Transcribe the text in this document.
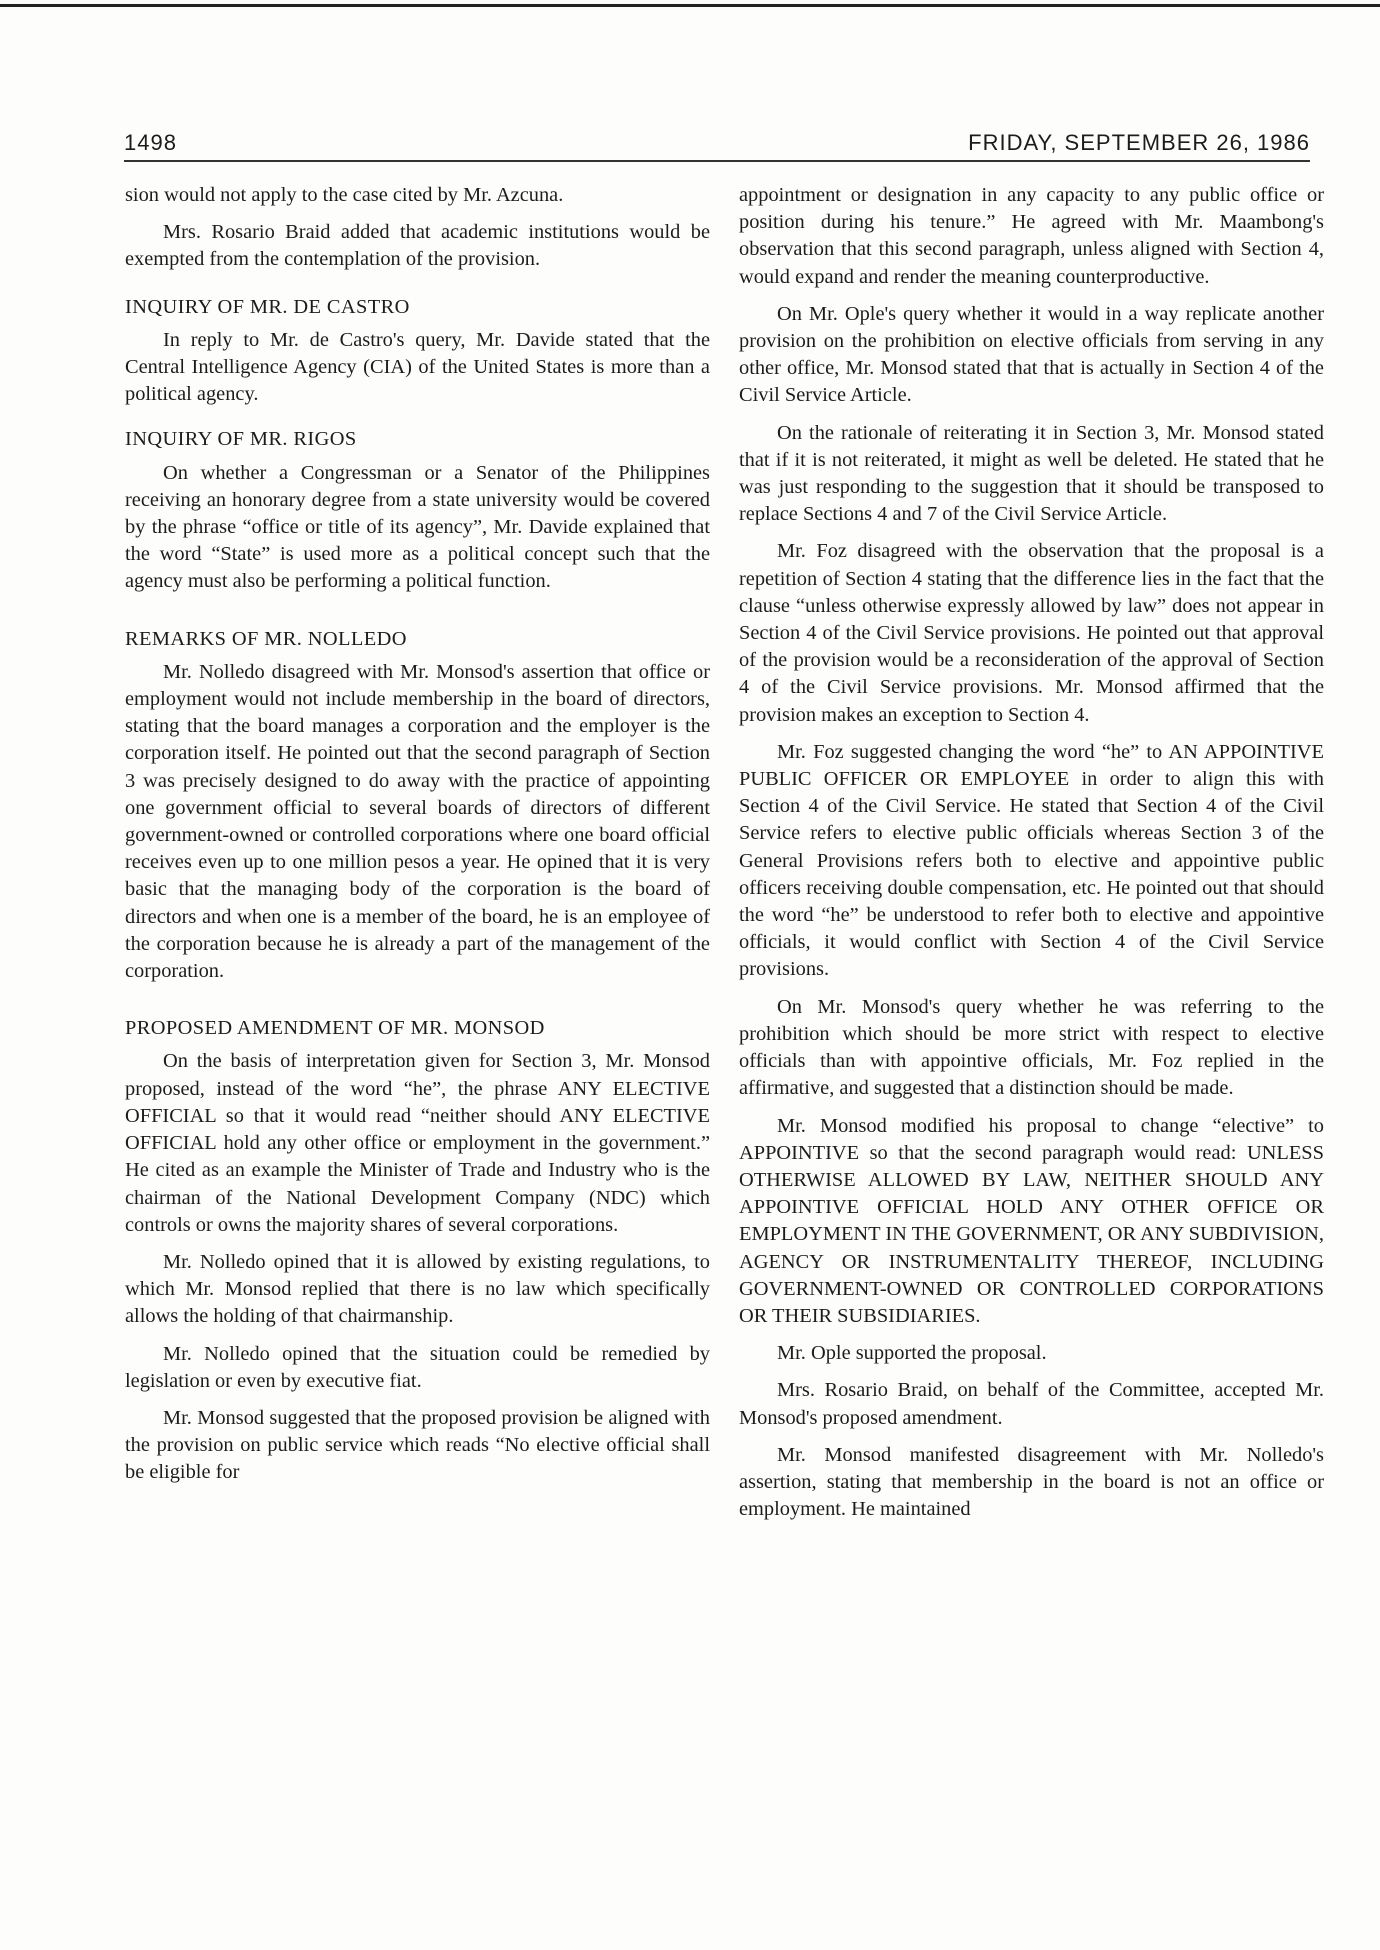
1498	FRIDAY, SEPTEMBER 26, 1986

sion would not apply to the case cited by Mr. Azcuna.

Mrs. Rosario Braid added that academic institutions would be exempted from the contemplation of the provision.

INQUIRY OF MR. DE CASTRO

In reply to Mr. de Castro's query, Mr. Davide stated that the Central Intelligence Agency (CIA) of the United States is more than a political agency.

INQUIRY OF MR. RIGOS

On whether a Congressman or a Senator of the Philippines receiving an honorary degree from a state university would be covered by the phrase “office or title of its agency”, Mr. Davide explained that the word “State” is used more as a political concept such that the agency must also be performing a political function.

REMARKS OF MR. NOLLEDO

Mr. Nolledo disagreed with Mr. Monsod's assertion that office or employment would not include membership in the board of directors, stating that the board manages a corporation and the employer is the corporation itself. He pointed out that the second paragraph of Section 3 was precisely designed to do away with the practice of appointing one government official to several boards of directors of different government-owned or controlled corporations where one board official receives even up to one million pesos a year. He opined that it is very basic that the managing body of the corporation is the board of directors and when one is a member of the board, he is an employee of the corporation because he is already a part of the management of the corporation.

PROPOSED AMENDMENT OF MR. MONSOD

On the basis of interpretation given for Section 3, Mr. Monsod proposed, instead of the word “he”, the phrase ANY ELECTIVE OFFICIAL so that it would read “neither should ANY ELECTIVE OFFICIAL hold any other office or employment in the government.” He cited as an example the Minister of Trade and Industry who is the chairman of the National Development Company (NDC) which controls or owns the majority shares of several corporations.

Mr. Nolledo opined that it is allowed by existing regulations, to which Mr. Monsod replied that there is no law which specifically allows the holding of that chairmanship.

Mr. Nolledo opined that the situation could be remedied by legislation or even by executive fiat.

Mr. Monsod suggested that the proposed provision be aligned with the provision on public service which reads “No elective official shall be eligible for

appointment or designation in any capacity to any public office or position during his tenure.” He agreed with Mr. Maambong's observation that this second paragraph, unless aligned with Section 4, would expand and render the meaning counterproductive.

On Mr. Ople's query whether it would in a way replicate another provision on the prohibition on elective officials from serving in any other office, Mr. Monsod stated that that is actually in Section 4 of the Civil Service Article.

On the rationale of reiterating it in Section 3, Mr. Monsod stated that if it is not reiterated, it might as well be deleted. He stated that he was just responding to the suggestion that it should be transposed to replace Sections 4 and 7 of the Civil Service Article.

Mr. Foz disagreed with the observation that the proposal is a repetition of Section 4 stating that the difference lies in the fact that the clause “unless otherwise expressly allowed by law” does not appear in Section 4 of the Civil Service provisions. He pointed out that approval of the provision would be a reconsideration of the approval of Section 4 of the Civil Service provisions. Mr. Monsod affirmed that the provision makes an exception to Section 4.

Mr. Foz suggested changing the word “he” to AN APPOINTIVE PUBLIC OFFICER OR EMPLOYEE in order to align this with Section 4 of the Civil Service. He stated that Section 4 of the Civil Service refers to elective public officials whereas Section 3 of the General Provisions refers both to elective and appointive public officers receiving double compensation, etc. He pointed out that should the word “he” be understood to refer both to elective and appointive officials, it would conflict with Section 4 of the Civil Service provisions.

On Mr. Monsod's query whether he was referring to the prohibition which should be more strict with respect to elective officials than with appointive officials, Mr. Foz replied in the affirmative, and suggested that a distinction should be made.

Mr. Monsod modified his proposal to change “elective” to APPOINTIVE so that the second paragraph would read: UNLESS OTHERWISE ALLOWED BY LAW, NEITHER SHOULD ANY APPOINTIVE OFFICIAL HOLD ANY OTHER OFFICE OR EMPLOYMENT IN THE GOVERNMENT, OR ANY SUBDIVISION, AGENCY OR INSTRUMENTALITY THEREOF, INCLUDING GOVERNMENT-OWNED OR CONTROLLED CORPORATIONS OR THEIR SUBSIDIARIES.

Mr. Ople supported the proposal.

Mrs. Rosario Braid, on behalf of the Committee, accepted Mr. Monsod's proposed amendment.

Mr. Monsod manifested disagreement with Mr. Nolledo's assertion, stating that membership in the board is not an office or employment. He maintained
